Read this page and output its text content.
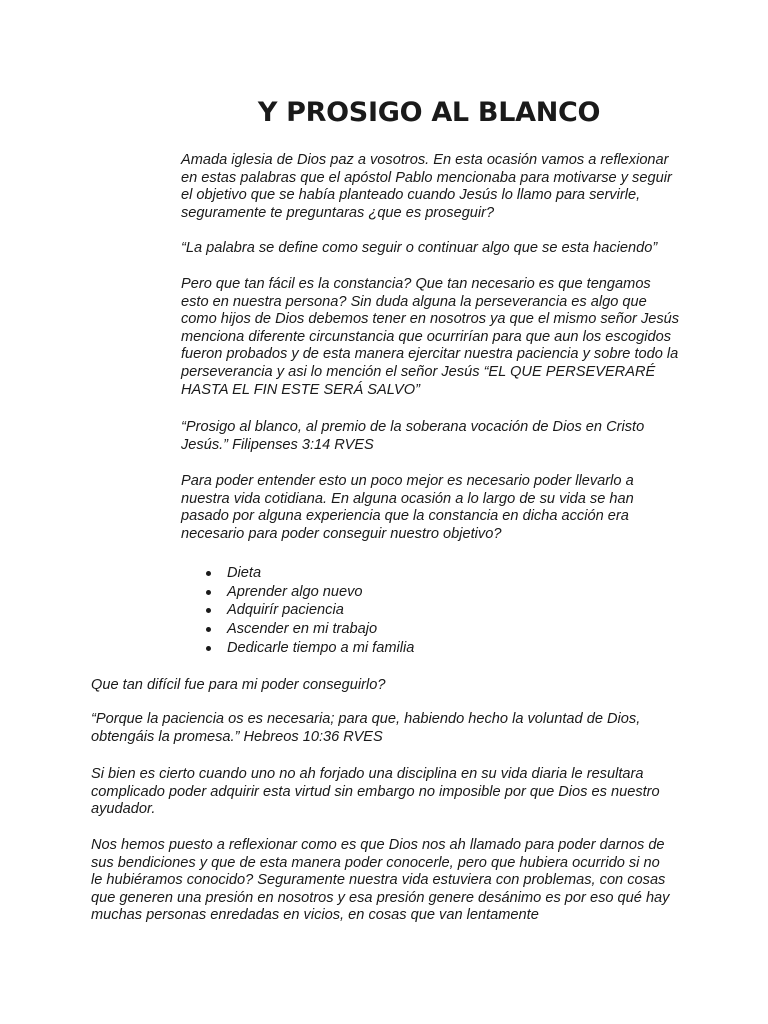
Y PROSIGO AL BLANCO

Amada iglesia de Dios paz a vosotros. En esta ocasión vamos a reflexionar en estas palabras que el apóstol Pablo mencionaba para motivarse y seguir el objetivo que se había planteado cuando Jesús lo llamo para servirle, seguramente te preguntaras ¿que es proseguir?

“La palabra se define como seguir o continuar algo que se esta haciendo”

Pero que tan fácil es la constancia? Que tan necesario es que tengamos esto en nuestra persona? Sin duda alguna la perseverancia es algo que como hijos de Dios debemos tener en nosotros ya que el mismo señor Jesús menciona diferente circunstancia que ocurrirían para que aun los escogidos fueron probados y de esta manera ejercitar nuestra paciencia y sobre todo la perseverancia y asi lo mención el señor Jesús “EL QUE PERSEVERARÉ HASTA EL FIN ESTE SERÁ SALVO”

“Prosigo al blanco, al premio de la soberana vocación de Dios en Cristo Jesús.” Filipenses 3:14 RVES

Para poder entender esto un poco mejor es necesario poder llevarlo a nuestra vida cotidiana. En alguna ocasión a lo largo de su vida se han pasado por alguna experiencia que la constancia en dicha acción era necesario para poder conseguir nuestro objetivo?

Dieta
Aprender algo nuevo
Adquirír paciencia
Ascender en mi trabajo
Dedicarle tiempo a mi familia

Que tan difícil fue para mi poder conseguirlo?

“Porque la paciencia os es necesaria; para que, habiendo hecho la voluntad de Dios, obtengáis la promesa.” Hebreos 10:36 RVES

Si bien es cierto cuando uno no ah forjado una disciplina en su vida diaria le resultara complicado poder adquirir esta virtud sin embargo no imposible por que Dios es nuestro ayudador.

Nos hemos puesto a reflexionar como es que Dios nos ah llamado para poder darnos de sus bendiciones y que de esta manera poder conocerle, pero que hubiera ocurrido si no le hubiéramos conocido? Seguramente nuestra vida estuviera con problemas, con cosas que generen una presión en nosotros y esa presión genere desánimo es por eso qué hay muchas personas enredadas en vicios, en cosas que van lentamente
